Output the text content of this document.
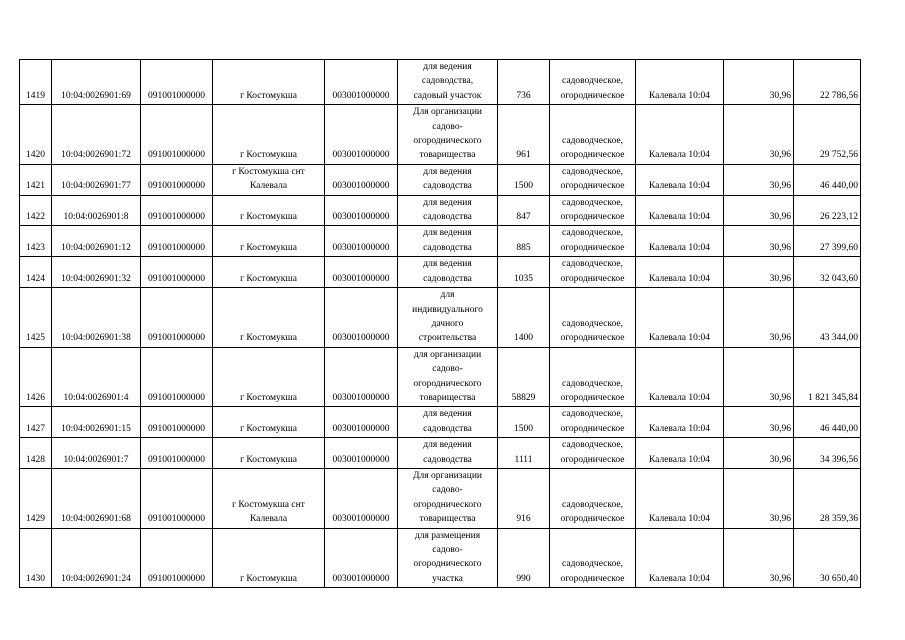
1419	10:04:0026901:69	091001000000	г Костомукша	003001000000	для ведения
садоводства,
садовый участок	736	садоводческое,
огородническое	Калевала 10:04	30,96	22 786,56
1420	10:04:0026901:72	091001000000	г Костомукша	003001000000	Для организации
садово-
огороднического
товарищества	961	садоводческое,
огородническое	Калевала 10:04	30,96	29 752,56
1421	10:04:0026901:77	091001000000	г Костомукша снт
Калевала	003001000000	для ведения
садоводства	1500	садоводческое,
огородническое	Калевала 10:04	30,96	46 440,00
1422	10:04:0026901:8	091001000000	г Костомукша	003001000000	для ведения
садоводства	847	садоводческое,
огородническое	Калевала 10:04	30,96	26 223,12
1423	10:04:0026901:12	091001000000	г Костомукша	003001000000	для ведения
садоводства	885	садоводческое,
огородническое	Калевала 10:04	30,96	27 399,60
1424	10:04:0026901:32	091001000000	г Костомукша	003001000000	для ведения
садоводства	1035	садоводческое,
огородническое	Калевала 10:04	30,96	32 043,60
1425	10:04:0026901:38	091001000000	г Костомукша	003001000000	для
индивидуального
дачного
строительства	1400	садоводческое,
огородническое	Калевала 10:04	30,96	43 344,00
1426	10:04:0026901:4	091001000000	г Костомукша	003001000000	для организации
садово-
огороднического
товарищества	58829	садоводческое,
огородническое	Калевала 10:04	30,96	1 821 345,84
1427	10:04:0026901:15	091001000000	г Костомукша	003001000000	для ведения
садоводства	1500	садоводческое,
огородническое	Калевала 10:04	30,96	46 440,00
1428	10:04:0026901:7	091001000000	г Костомукша	003001000000	для ведения
садоводства	1111	садоводческое,
огородническое	Калевала 10:04	30,96	34 396,56
1429	10:04:0026901:68	091001000000	г Костомукша снт
Калевала	003001000000	Для организации
садово-
огороднического
товарищества	916	садоводческое,
огородническое	Калевала 10:04	30,96	28 359,36
1430	10:04:0026901:24	091001000000	г Костомукша	003001000000	для размещения
садово-
огороднического
участка	990	садоводческое,
огородническое	Калевала 10:04	30,96	30 650,40
